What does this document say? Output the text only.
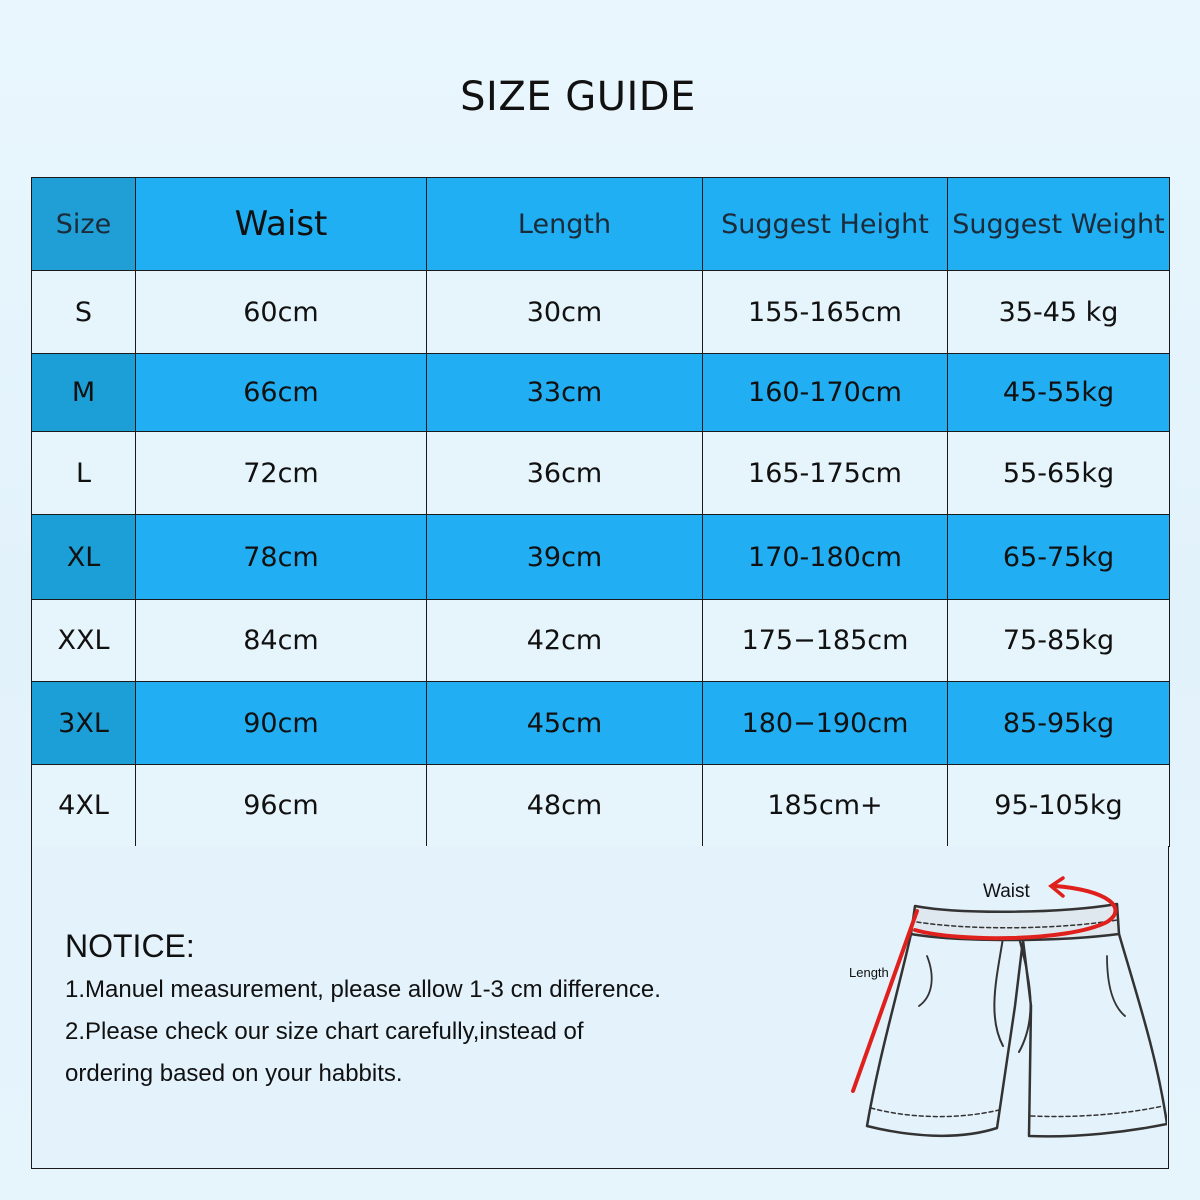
SIZE GUIDE
Size	Waist	Length	Suggest Height	Suggest Weight
S	60cm	30cm	155-165cm	35-45 kg
M	66cm	33cm	160-170cm	45-55kg
L	72cm	36cm	165-175cm	55-65kg
XL	78cm	39cm	170-180cm	65-75kg
XXL	84cm	42cm	175−185cm	75-85kg
3XL	90cm	45cm	180−190cm	85-95kg
4XL	96cm	48cm	185cm+	95-105kg
NOTICE:
1.Manuel measurement, please allow 1-3 cm difference.
2.Please check our size chart carefully,instead of
ordering based on your habbits.
Waist
Length
